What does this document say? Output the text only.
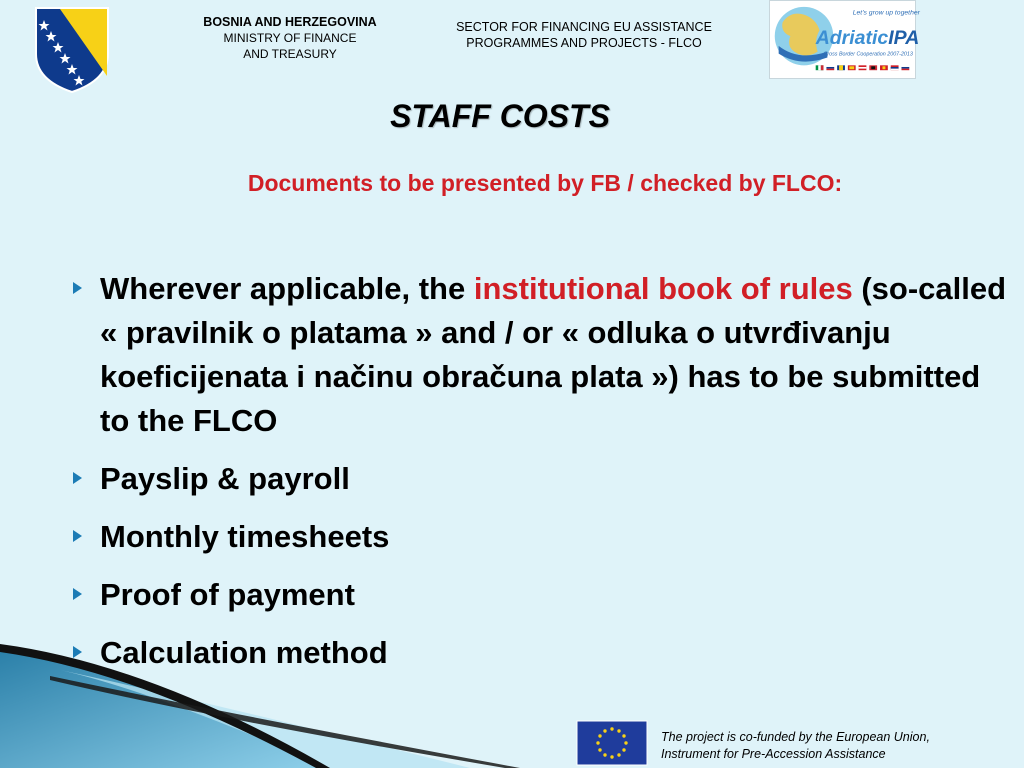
BOSNIA AND HERZEGOVINA
MINISTRY OF FINANCE
AND TREASURY
SECTOR FOR FINANCING EU ASSISTANCE
PROGRAMMES AND PROJECTS - FLCO
Let's grow up together
AdriaticIPA
Cross Border Cooperation 2007-2013
STAFF COSTS
Documents to be presented by FB / checked by FLCO:
Wherever applicable, the institutional book of rules (so-called « pravilnik o platama » and / or « odluka o utvrđivanju koeficijenata i načinu obračuna plata ») has to be submitted to the FLCO
Payslip & payroll
Monthly timesheets
Proof of payment
Calculation method
The project is co-funded by the European Union,
Instrument for Pre-Accession Assistance
